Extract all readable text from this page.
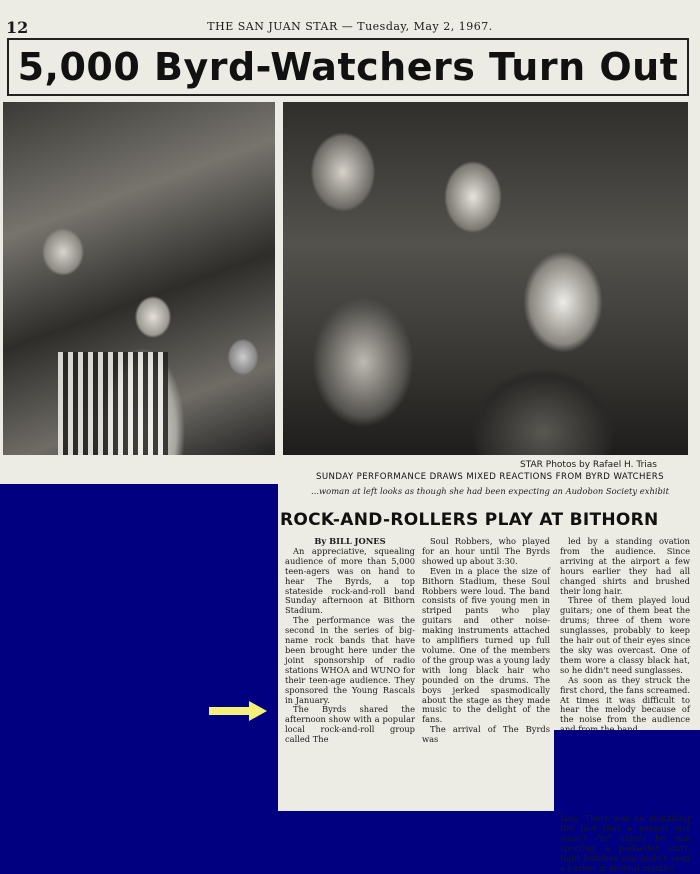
12	THE SAN JUAN STAR — Tuesday, May 2, 1967.
5,000 Byrd-Watchers Turn Out
STAR Photos by Rafael H. Trias
SUNDAY PERFORMANCE DRAWS MIXED REACTIONS FROM BYRD WATCHERS
...woman at left looks as though she had been expecting an Audobon Society exhibit
ROCK-AND-ROLLERS PLAY AT BITHORN

By BILL JONES

An appreciative, squealing audience of more than 5,000 teen-agers was on hand to hear The Byrds, a top stateside rock-and-roll band Sunday afternoon at Bithorn Stadium.

The performance was the second in the series of big-name rock bands that have been brought here under the joint sponsorship of radio stations WHOA and WUNO for their teen-age audience. They sponsored the Young Rascals in January.

The Byrds shared the afternoon show with a popular local rock-and-roll group called The

Soul Robbers, who played for an hour until The Byrds showed up about 3:30.

Even in a place the size of Bithorn Stadium, these Soul Robbers were loud. The band consists of five young men in striped pants who play guitars and other noise-making instruments attached to amplifiers turned up full volume. One of the members of the group was a young lady with long black hair who pounded on the drums. The boys jerked spasmodically about the stage as they made music to the delight of the fans.

The arrival of The Byrds was

led by a standing ovation from the audience. Since arriving at the airport a few hours earlier they had all changed shirts and brushed their long hair.

Three of them played loud guitars; one of them beat the drums; three of them wore sunglasses, probably to keep the hair out of their eyes since the sky was overcast. One of them wore a classy black hat, so he didn't need sunglasses.

As soon as they struck the first chord, the fans screamed. At times it was difficult to hear the melody because of the noise from the audience

fans. There was no mistaking the fact that a person just wasn't "in" unless he was sporting a polka-dot shirt, tight britches and hadn't seen a barber in several months.
